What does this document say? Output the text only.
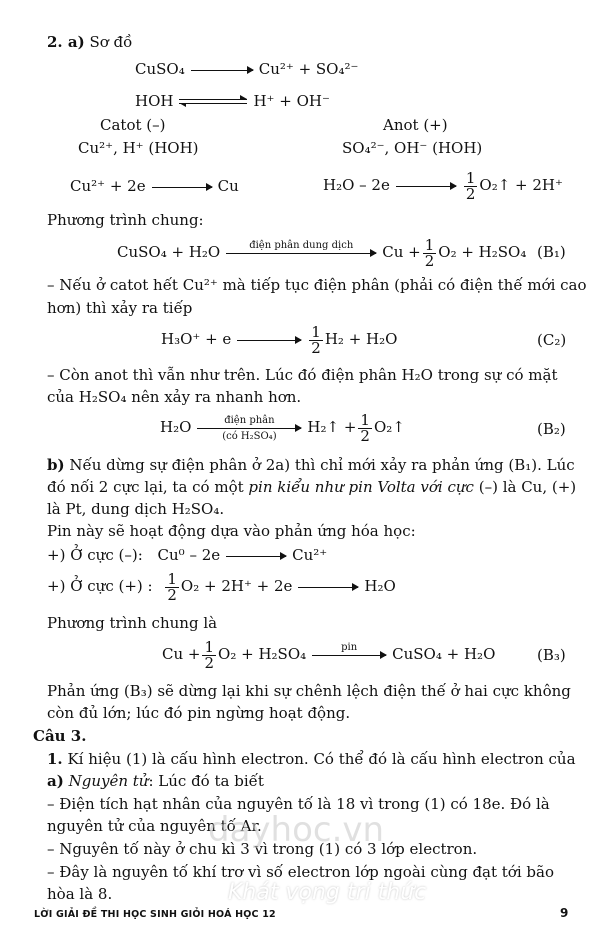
2. a) Sơ đồ
CuSO₄	Cu²⁺ + SO₄²⁻
HOH	H⁺ + OH⁻
Catot (–)
Cu²⁺, H⁺ (HOH)
Anot (+)
SO₄²⁻, OH⁻ (HOH)
Cu²⁺ + 2e	Cu	H₂O – 2e	$\frac{1}{2}$ O₂↑ + 2H⁺
Phương trình chung:
CuSO₄ + H₂O	điện phân dung dịch	$Cu + \frac{1}{2} O_2 + H_2SO_4$ (B₁)
– Nếu ở catot hết Cu²⁺ mà tiếp tục điện phân (phải có điện thế mới cao
hơn) thì xảy ra tiếp
H₃O⁺ + e	$\frac{1}{2} H_2 + H_2O$	(C₂)
– Còn anot thì vẫn như trên. Lúc đó điện phân H₂O trong sự có mặt
của H₂SO₄ nên xảy ra nhanh hơn.
H₂O	điện phân
(có H₂SO₄)	H₂↑ + $\frac{1}{2}$ O₂↑	(B₂)
b) Nếu dừng sự điện phân ở 2a) thì chỉ mới xảy ra phản ứng (B₁). Lúc
đó nối 2 cực lại, ta có một pin kiểu như pin Volta với cực (–) là Cu, (+)
là Pt, dung dịch H₂SO₄.
Pin này sẽ hoạt động dựa vào phản ứng hóa học:
+) Ở cực (–): Cu⁰ – 2e	Cu²⁺
+) Ở cực (+) : $\frac{1}{2} O_2 + 2H^+ + 2e$	H₂O
Phương trình chung là
$Cu + \frac{1}{2} O_2 + H_2SO_4$	pin	CuSO₄ + H₂O	(B₃)
Phản ứng (B₃) sẽ dừng lại khi sự chênh lệch điện thế ở hai cực không
còn đủ lớn; lúc đó pin ngừng hoạt động.
Câu 3.
1. Kí hiệu (1) là cấu hình electron. Có thể đó là cấu hình electron của
a) Nguyên tử: Lúc đó ta biết
– Điện tích hạt nhân của nguyên tố là 18 vì trong (1) có 18e. Đó là
nguyên tử của nguyên tố Ar.
– Nguyên tố này ở chu kì 3 vì trong (1) có 3 lớp electron.
– Đây là nguyên tố khí trơ vì số electron lớp ngoài cùng đạt tới bão
hòa là 8.
dayhoc.vn
Khát vọng tri thức
LỜI GIẢI ĐỀ THI HỌC SINH GIỎI HOÁ HỌC 12	9
